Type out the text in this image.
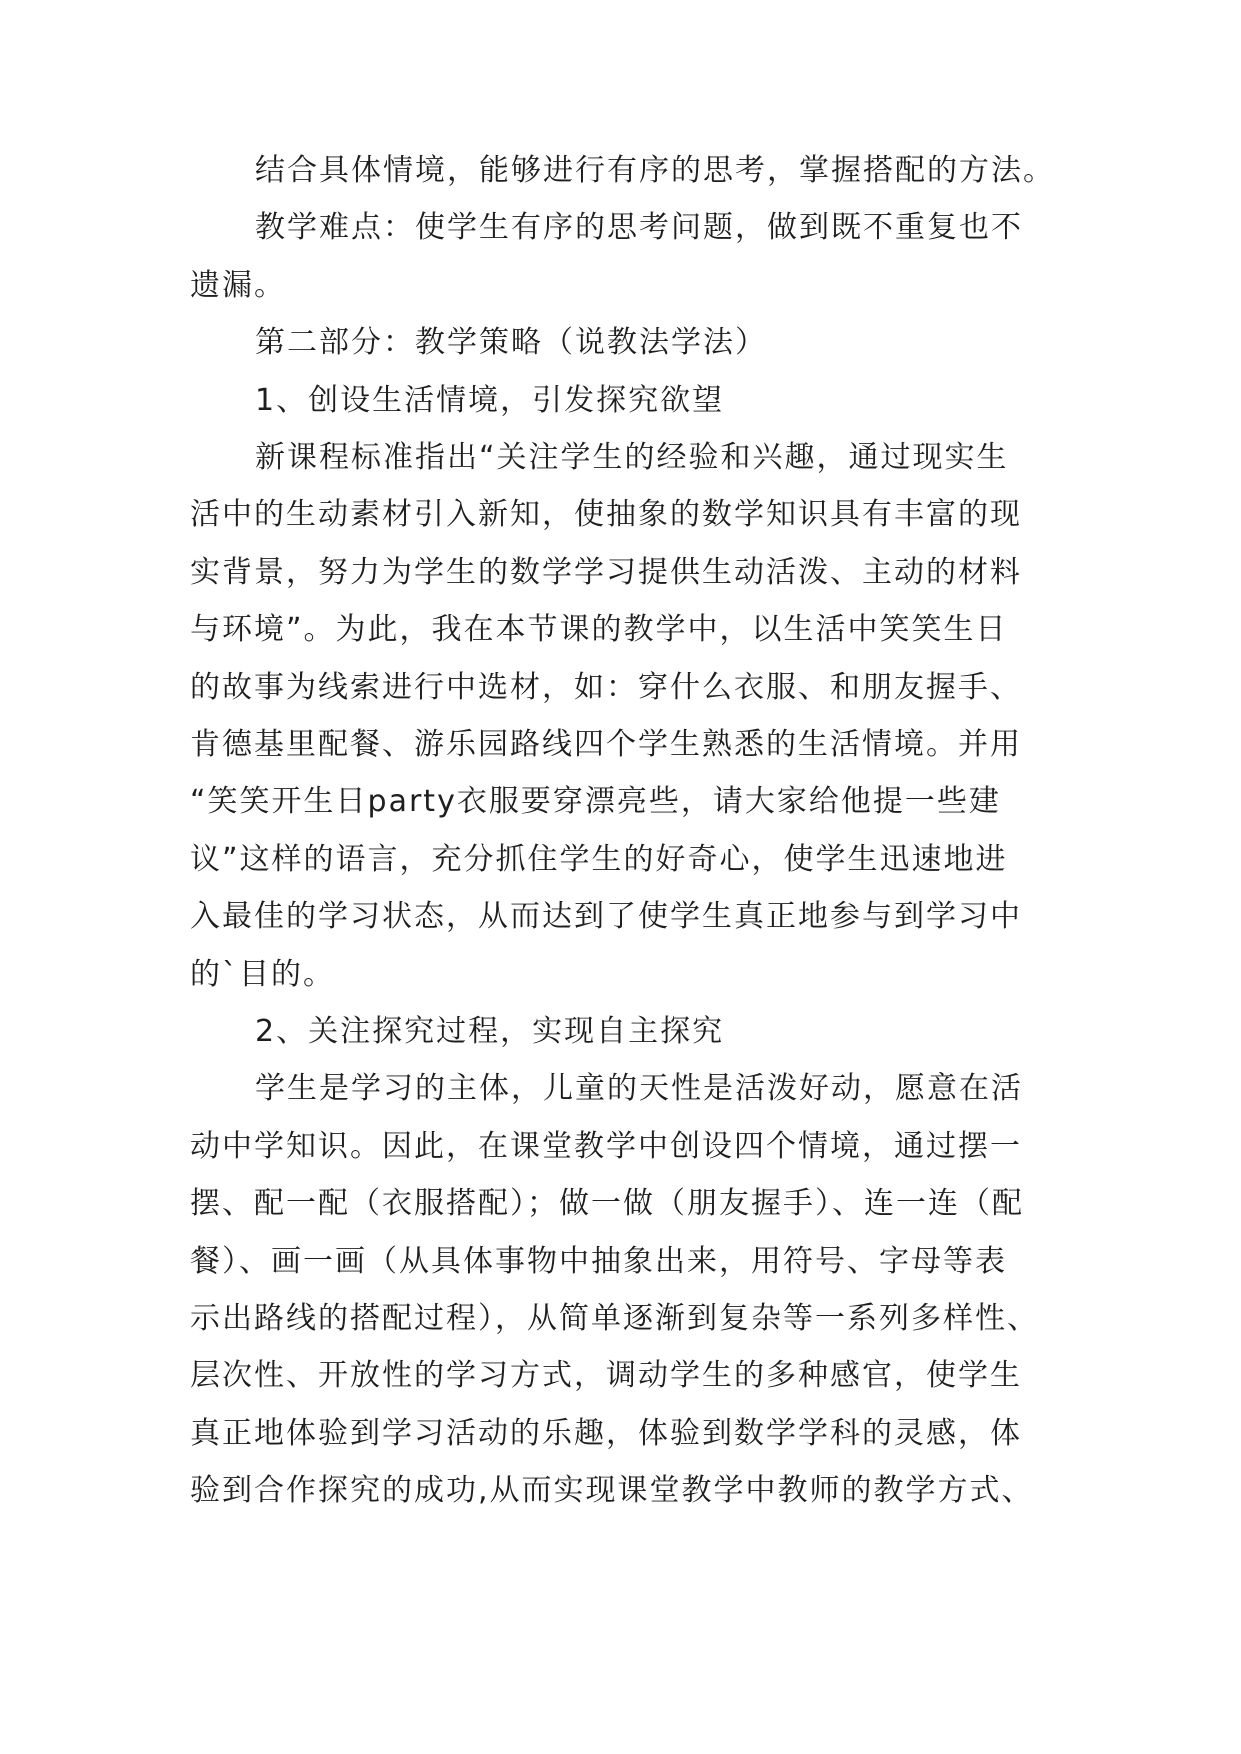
结合具体情境，能够进行有序的思考，掌握搭配的方法。
教学难点：使学生有序的思考问题，做到既不重复也不
遗漏。
第二部分：教学策略（说教法学法）
1、创设生活情境，引发探究欲望
新课程标准指出“关注学生的经验和兴趣，通过现实生
活中的生动素材引入新知，使抽象的数学知识具有丰富的现
实背景，努力为学生的数学学习提供生动活泼、主动的材料
与环境”。为此，我在本节课的教学中，以生活中笑笑生日
的故事为线索进行中选材，如：穿什么衣服、和朋友握手、
肯德基里配餐、游乐园路线四个学生熟悉的生活情境。并用
“笑笑开生日party衣服要穿漂亮些，请大家给他提一些建
议”这样的语言，充分抓住学生的好奇心，使学生迅速地进
入最佳的学习状态，从而达到了使学生真正地参与到学习中
的`目的。
2、关注探究过程，实现自主探究
学生是学习的主体，儿童的天性是活泼好动，愿意在活
动中学知识。因此，在课堂教学中创设四个情境，通过摆一
摆、配一配（衣服搭配）；做一做（朋友握手）、连一连（配
餐）、画一画（从具体事物中抽象出来，用符号、字母等表
示出路线的搭配过程），从简单逐渐到复杂等一系列多样性、
层次性、开放性的学习方式，调动学生的多种感官，使学生
真正地体验到学习活动的乐趣，体验到数学学科的灵感，体
验到合作探究的成功,从而实现课堂教学中教师的教学方式、
